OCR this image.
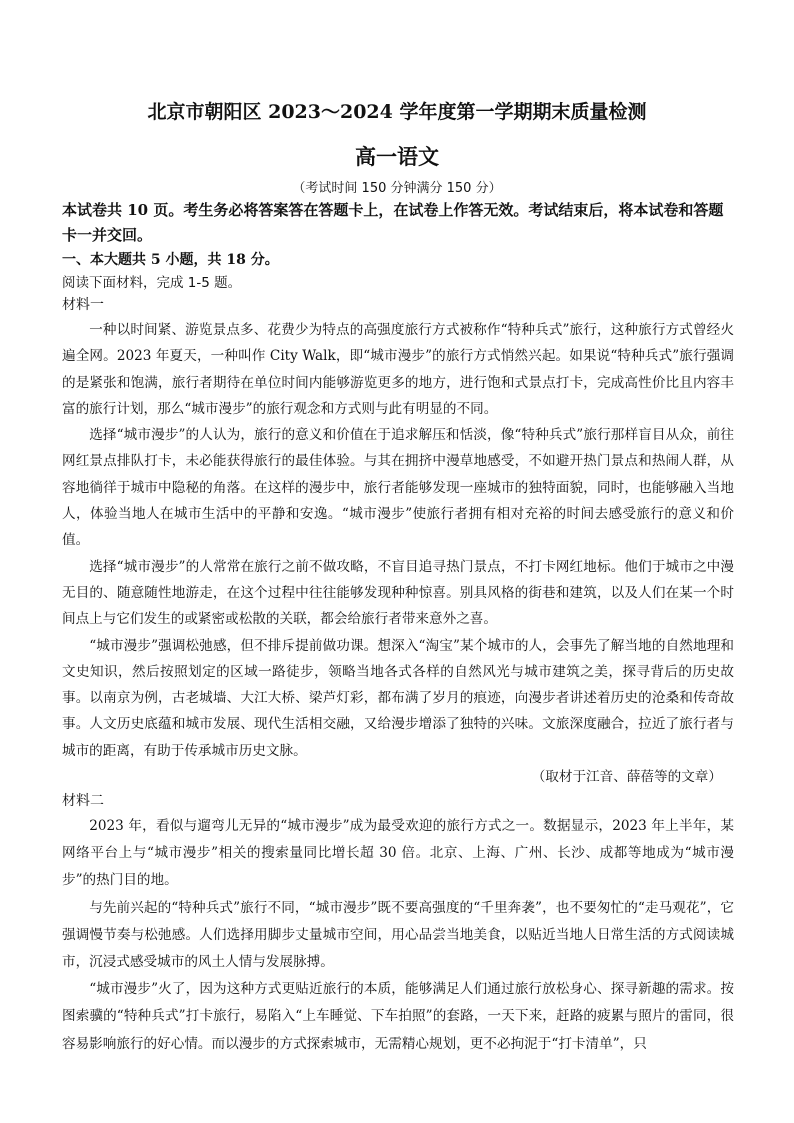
北京市朝阳区 2023～2024 学年度第一学期期末质量检测
高一语文
（考试时间 150 分钟满分 150 分）

本试卷共 10 页。考生务必将答案答在答题卡上，在试卷上作答无效。考试结束后，将本试卷和答题卡一并交回。

一、本大题共 5 小题，共 18 分。

阅读下面材料，完成 1-5 题。

材料一

一种以时间紧、游览景点多、花费少为特点的高强度旅行方式被称作“特种兵式”旅行，这种旅行方式曾经火遍全网。2023 年夏天，一种叫作 City Walk，即“城市漫步”的旅行方式悄然兴起。如果说“特种兵式”旅行强调的是紧张和饱满，旅行者期待在单位时间内能够游览更多的地方，进行饱和式景点打卡，完成高性价比且内容丰富的旅行计划，那么“城市漫步”的旅行观念和方式则与此有明显的不同。

选择“城市漫步”的人认为，旅行的意义和价值在于追求解压和恬淡，像“特种兵式”旅行那样盲目从众，前往网红景点排队打卡，未必能获得旅行的最佳体验。与其在拥挤中漫草地感受，不如避开热门景点和热闹人群，从容地徜徉于城市中隐秘的角落。在这样的漫步中，旅行者能够发现一座城市的独特面貌，同时，也能够融入当地人，体验当地人在城市生活中的平静和安逸。“城市漫步”使旅行者拥有相对充裕的时间去感受旅行的意义和价值。

选择“城市漫步”的人常常在旅行之前不做攻略，不盲目追寻热门景点，不打卡网红地标。他们于城市之中漫无目的、随意随性地游走，在这个过程中往往能够发现种种惊喜。别具风格的街巷和建筑，以及人们在某一个时间点上与它们发生的或紧密或松散的关联，都会给旅行者带来意外之喜。

“城市漫步”强调松弛感，但不排斥提前做功课。想深入“淘宝”某个城市的人，会事先了解当地的自然地理和文史知识，然后按照划定的区域一路徒步，领略当地各式各样的自然风光与城市建筑之美，探寻背后的历史故事。以南京为例，古老城墙、大江大桥、梁芦灯彩，都布满了岁月的痕迹，向漫步者讲述着历史的沧桑和传奇故事。人文历史底蕴和城市发展、现代生活相交融，又给漫步增添了独特的兴味。文旅深度融合，拉近了旅行者与城市的距离，有助于传承城市历史文脉。

（取材于江音、薛蓓等的文章）

材料二

2023 年，看似与遛弯儿无异的“城市漫步”成为最受欢迎的旅行方式之一。数据显示，2023 年上半年，某网络平台上与“城市漫步”相关的搜索量同比增长超 30 倍。北京、上海、广州、长沙、成都等地成为“城市漫步”的热门目的地。

与先前兴起的“特种兵式”旅行不同，“城市漫步”既不要高强度的“千里奔袭”，也不要匆忙的“走马观花”，它强调慢节奏与松弛感。人们选择用脚步丈量城市空间，用心品尝当地美食，以贴近当地人日常生活的方式阅读城市，沉浸式感受城市的风土人情与发展脉搏。

“城市漫步”火了，因为这种方式更贴近旅行的本质，能够满足人们通过旅行放松身心、探寻新趣的需求。按图索骥的“特种兵式”打卡旅行，易陷入“上车睡觉、下车拍照”的套路，一天下来，赶路的疲累与照片的雷同，很容易影响旅行的好心情。而以漫步的方式探索城市，无需精心规划，更不必拘泥于“打卡清单”，只
